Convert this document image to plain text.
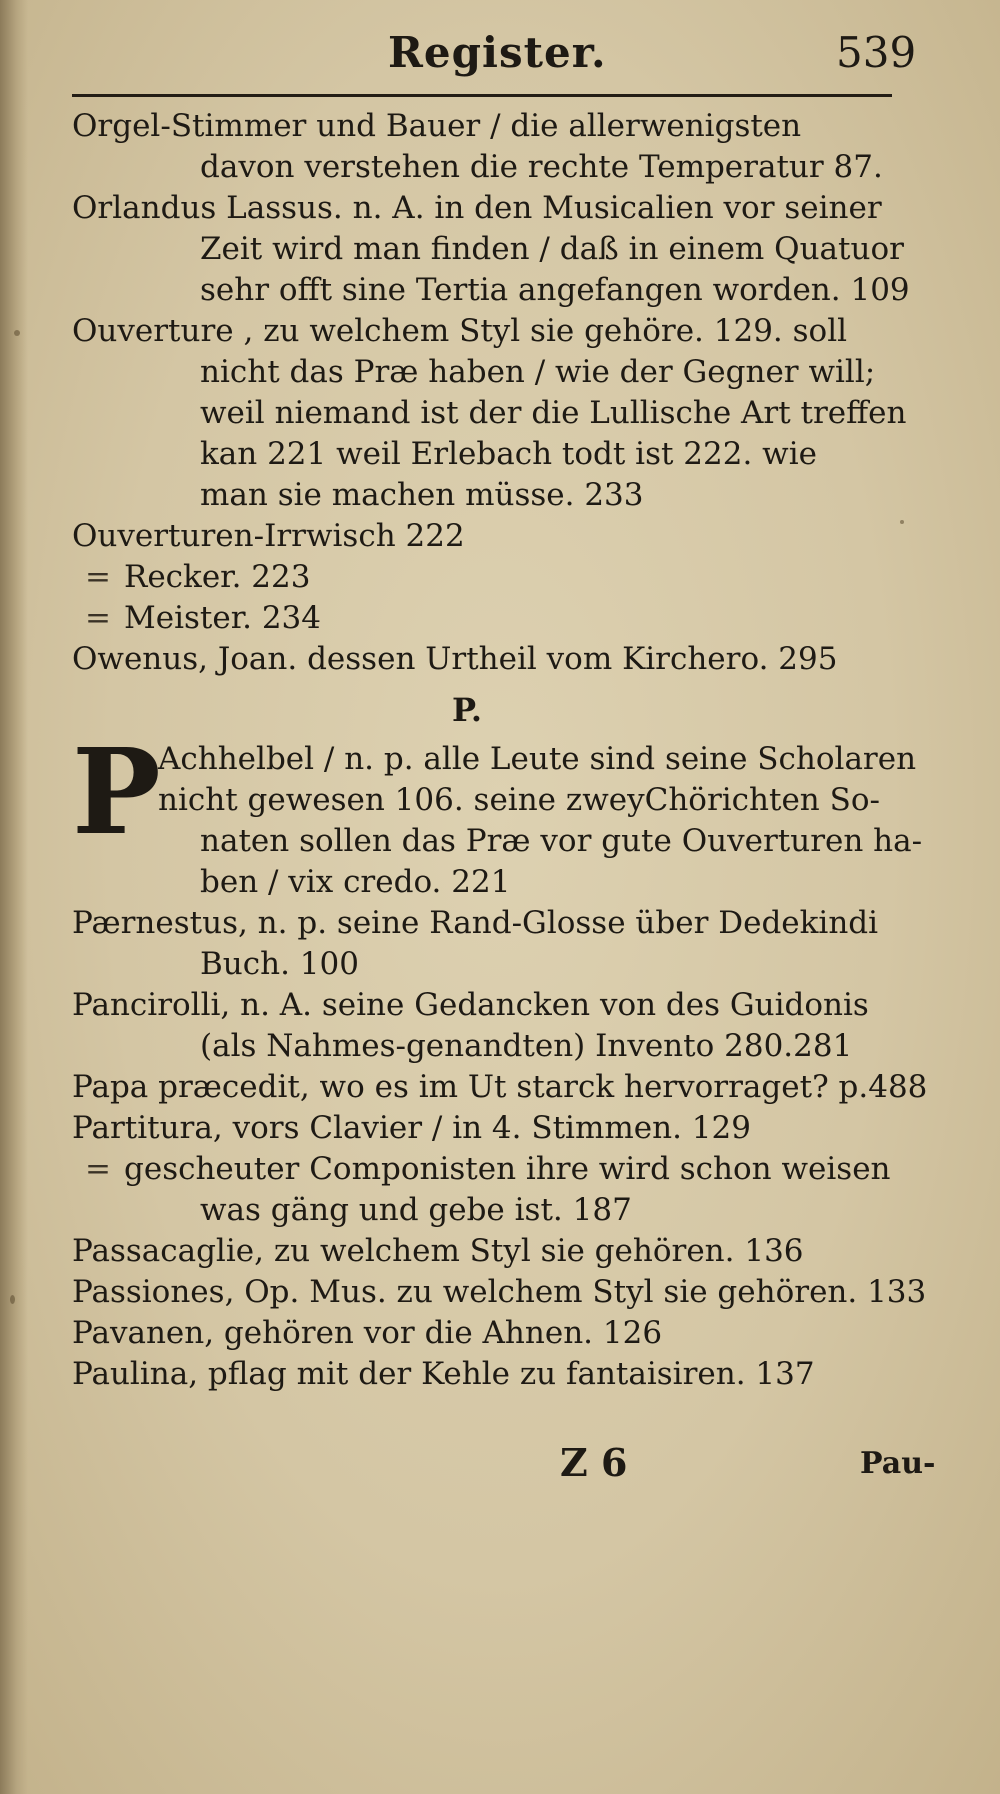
Register.	539
Orgel-Stimmer und Bauer / die allerwenigsten
davon verstehen die rechte Temperatur 87.
Orlandus Lassus. n. A. in den Musicalien vor seiner
Zeit wird man finden / daß in einem Quatuor
sehr offt sine Tertia angefangen worden. 109
Ouverture , zu welchem Styl sie gehöre. 129. soll
nicht das Præ haben / wie der Gegner will;
weil niemand ist der die Lullische Art treffen
kan 221 weil Erlebach todt ist 222. wie
man sie machen müsse. 233
Ouverturen-Irrwisch 222
= Recker. 223
= Meister. 234
Owenus, Joan. dessen Urtheil vom Kirchero. 295
P.
P
Achhelbel / n. p. alle Leute sind seine Scholaren
nicht gewesen 106. seine zweyChörichten So-
naten sollen das Præ vor gute Ouverturen ha-
ben / vix credo. 221
Pærnestus, n. p. seine Rand-Glosse über Dedekindi
Buch. 100
Pancirolli, n. A. seine Gedancken von des Guidonis
(als Nahmes-genandten) Invento 280.281
Papa præcedit, wo es im Ut starck hervorraget? p.488
Partitura, vors Clavier / in 4. Stimmen. 129
= gescheuter Componisten ihre wird schon weisen
was gäng und gebe ist. 187
Passacaglie, zu welchem Styl sie gehören. 136
Passiones, Op. Mus. zu welchem Styl sie gehören. 133
Pavanen, gehören vor die Ahnen. 126
Paulina, pflag mit der Kehle zu fantaisiren. 137
Z 6	Pau-
